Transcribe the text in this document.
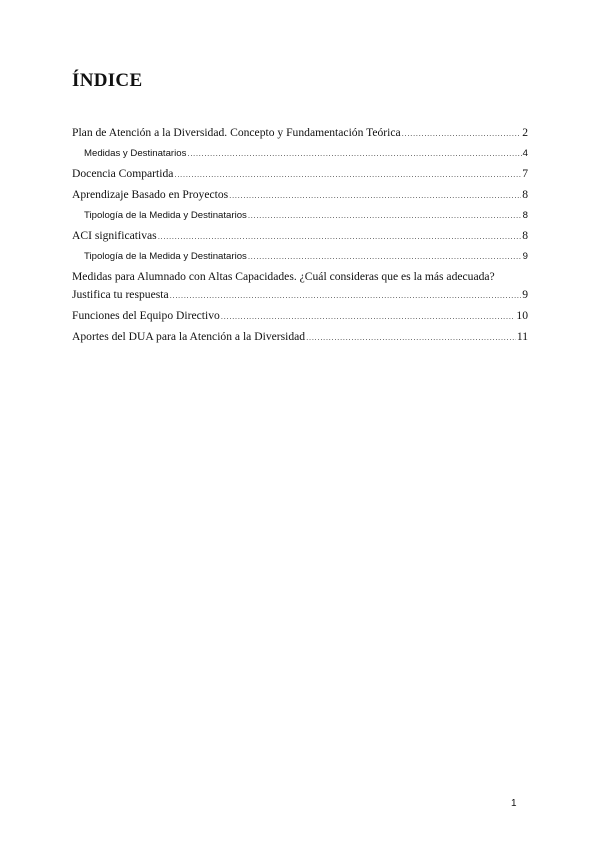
ÍNDICE
Plan de Atención a la Diversidad. Concepto y Fundamentación Teórica .....	2
Medidas y Destinatarios .....	4
Docencia Compartida .....	7
Aprendizaje Basado en Proyectos .....	8
Tipología de la Medida y Destinatarios .....	8
ACI significativas .....	8
Tipología de la Medida y Destinatarios .....	9
Medidas para Alumnado con Altas Capacidades. ¿Cuál consideras que es la más adecuada?
Justifica tu respuesta .....	9
Funciones del Equipo Directivo .....	10
Aportes del DUA para la Atención a la Diversidad .....	11
1
